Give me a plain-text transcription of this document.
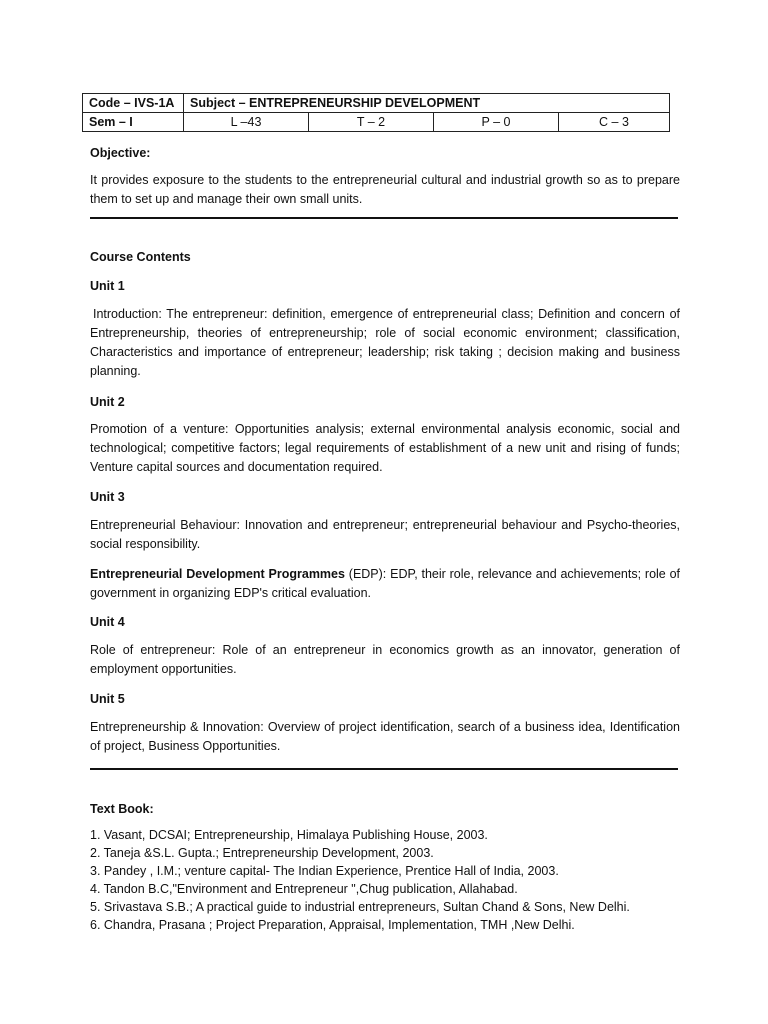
Code – IVS-1A	Subject – ENTREPRENEURSHIP DEVELOPMENT			
Sem – I	L –43	T – 2	P – 0	C – 3
Objective:
It provides exposure to the students to the entrepreneurial cultural and industrial growth so as to prepare them to set up and manage their own small units.
Course Contents
Unit 1
Introduction: The entrepreneur: definition, emergence of entrepreneurial class; Definition and concern of Entrepreneurship, theories of entrepreneurship; role of social economic environment; classification, Characteristics and importance of entrepreneur; leadership; risk taking ; decision making and business planning.
Unit 2
Promotion of a venture: Opportunities analysis; external environmental analysis economic, social and technological; competitive factors; legal requirements of establishment of a new unit and rising of funds; Venture capital sources and documentation required.
Unit 3
Entrepreneurial Behaviour: Innovation and entrepreneur; entrepreneurial behaviour and Psycho-theories, social responsibility.
Entrepreneurial Development Programmes (EDP): EDP, their role, relevance and achievements; role of government in organizing EDP's critical evaluation.
Unit 4
Role of entrepreneur: Role of an entrepreneur in economics growth as an innovator, generation of employment opportunities.
Unit 5
Entrepreneurship & Innovation: Overview of project identification, search of a business idea, Identification of project, Business Opportunities.
Text Book:
1. Vasant, DCSAI; Entrepreneurship, Himalaya Publishing House, 2003.
2. Taneja &S.L. Gupta.; Entrepreneurship Development, 2003.
3. Pandey , I.M.; venture capital- The Indian Experience, Prentice Hall of India, 2003.
4. Tandon B.C,"Environment and Entrepreneur ",Chug publication, Allahabad.
5. Srivastava S.B.; A practical guide to industrial entrepreneurs, Sultan Chand & Sons, New Delhi.
6. Chandra, Prasana ; Project Preparation, Appraisal, Implementation, TMH ,New Delhi.
